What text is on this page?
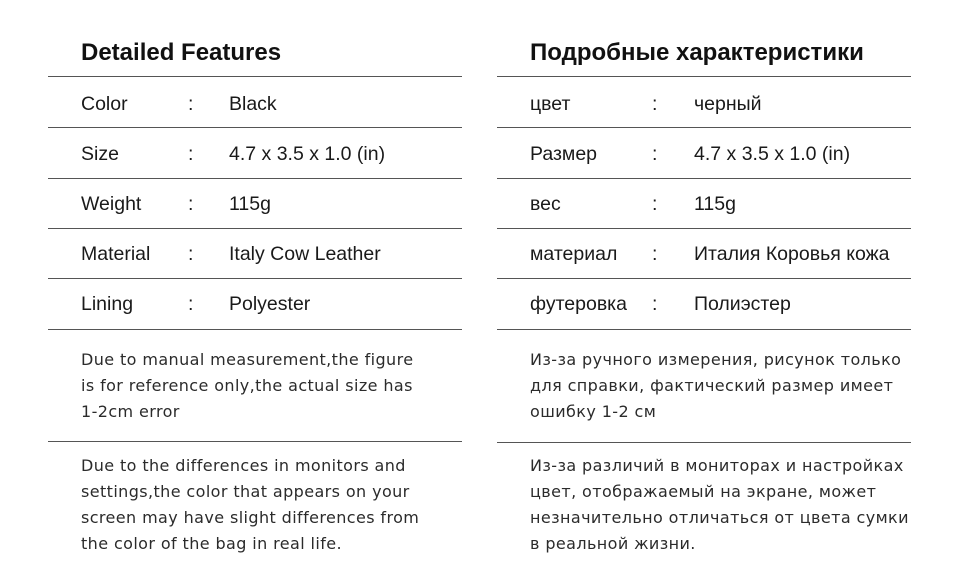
Detailed Features
Color	: Black
Size	: 4.7 x 3.5 x 1.0 (in)
Weight : 115g
Material : Italy Cow Leather
Lining	: Polyester
Due to manual measurement,the figure
is for reference only,the actual size has
1-2cm error
Due to the differences in monitors and
settings,the color that appears on your
screen may have slight differences from
the color of the bag in real life.
Подробные характеристики
цвет	: черный
Размер	: 4.7 x 3.5 x 1.0 (in)
вес	: 115g
материал : Италия Коровья кожа
футеровка : Полиэстер
Из-за ручного измерения, рисунок только
для справки, фактический размер имеет
ошибку 1-2 см
Из-за различий в мониторах и настройках
цвет, отображаемый на экране, может
незначительно отличаться от цвета сумки
в реальной жизни.
